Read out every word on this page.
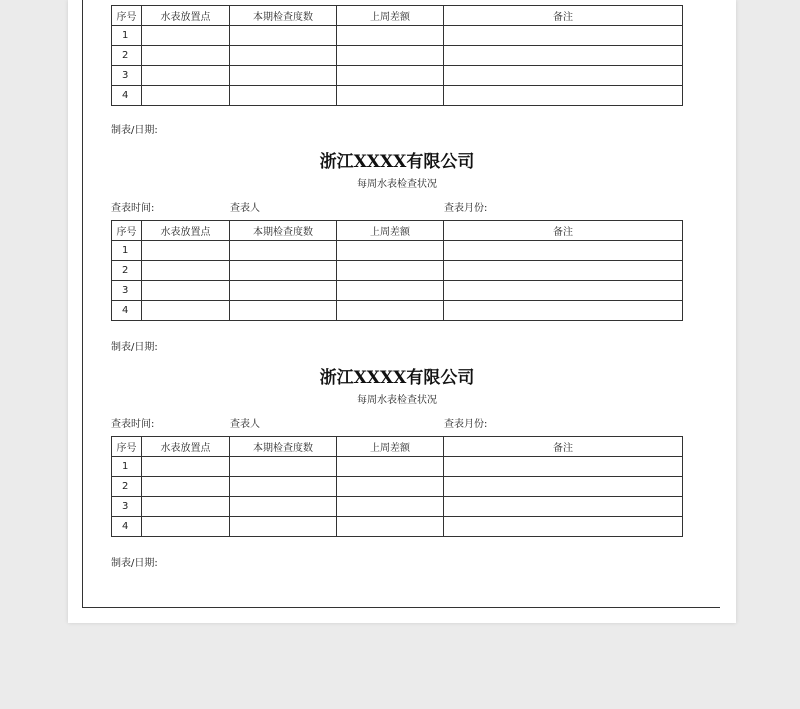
序号	水表放置点	本期检查度数	上周差额	备注
1				
2				
3				
4				
制表/日期:
浙江XXXX有限公司
每周水表检查状况
查表时间:	查表人	查表月份:
序号	水表放置点	本期检查度数	上周差额	备注
1				
2				
3				
4				
制表/日期:
浙江XXXX有限公司
每周水表检查状况
查表时间:	查表人	查表月份:
序号	水表放置点	本期检查度数	上周差额	备注
1				
2				
3				
4				
制表/日期:
